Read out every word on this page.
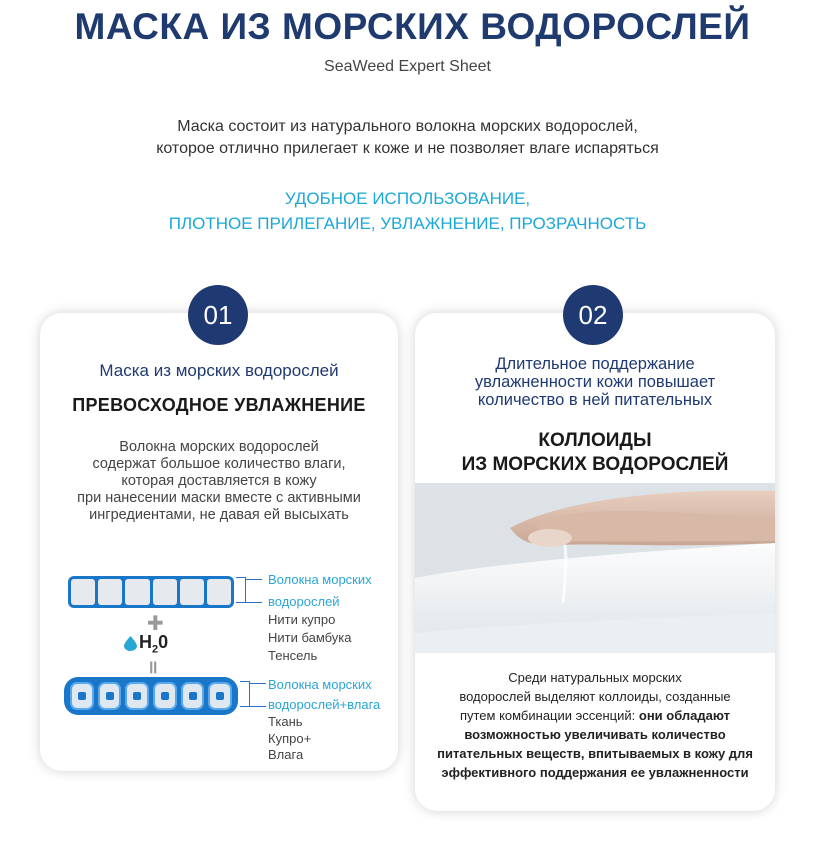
МАСКА ИЗ МОРСКИХ ВОДОРОСЛЕЙ
SeaWeed Expert Sheet
Маска состоит из натурального волокна морских водорослей,
которое отлично прилегает к коже и не позволяет влаге испаряться
УДОБНОЕ ИСПОЛЬЗОВАНИЕ,
ПЛОТНОЕ ПРИЛЕГАНИЕ, УВЛАЖНЕНИЕ, ПРОЗРАЧНОСТЬ
01
Маска из морских водорослей
ПРЕВОСХОДНОЕ УВЛАЖНЕНИЕ
Волокна морских водорослей
содержат большое количество влаги,
которая доставляется в кожу
при нанесении маски вместе с активными
ингредиентами, не давая ей высыхать
Волокна морских
водорослей
Нити купро
Нити бамбука
Тенсель
✚
$H_20$
॥
Волокна морских
водорослей+влага
Ткань
Купро+
Влага
02
Длительное поддержание
увлажненности кожи повышает
количество в ней питательных
КОЛЛОИДЫ
ИЗ МОРСКИХ ВОДОРОСЛЕЙ
Среди натуральных морских
водорослей выделяют коллоиды, созданные
путем комбинации эссенций: они обладают
возможностью увеличивать количество
питательных веществ, впитываемых в кожу для
эффективного поддержания ее увлажненности
